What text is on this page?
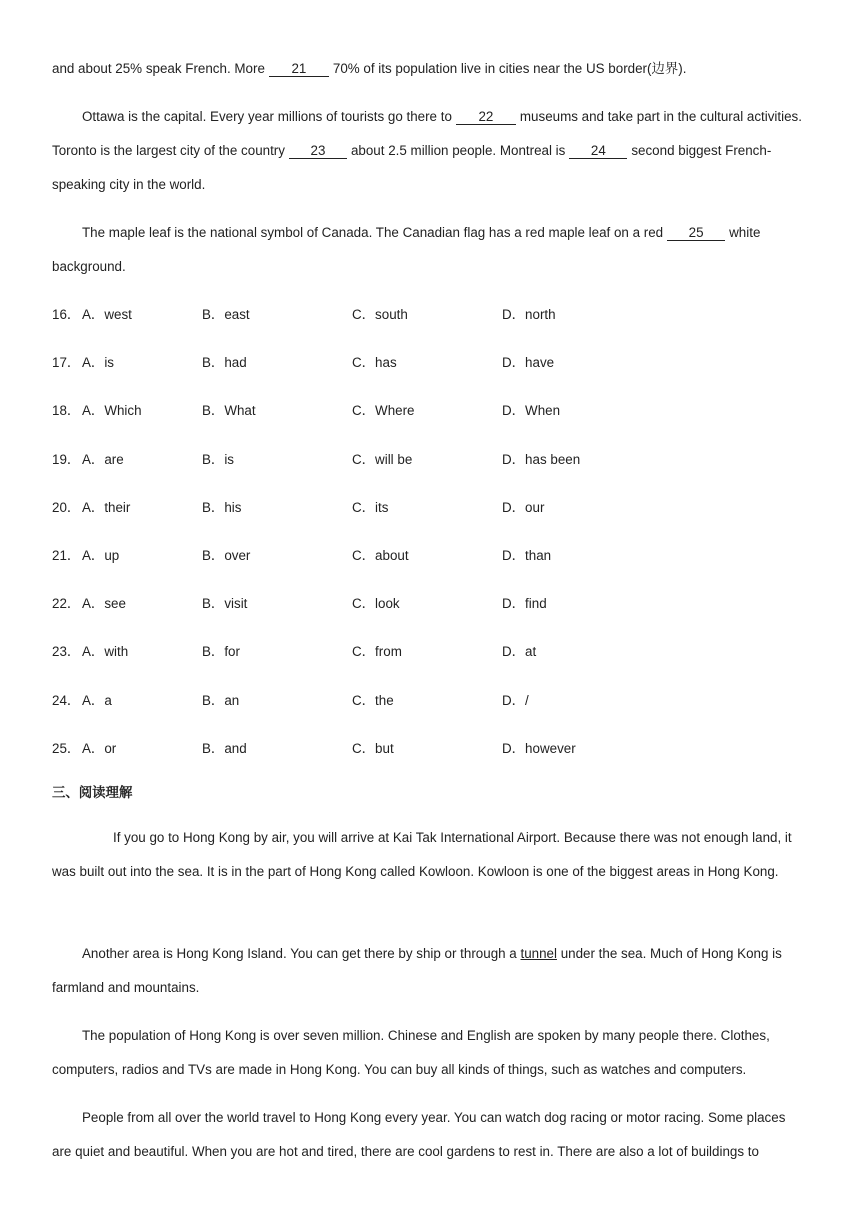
and about 25% speak French. More 21 70% of its population live in cities near the US border(边界).

Ottawa is the capital. Every year millions of tourists go there to 22 museums and take part in the cultural activities. Toronto is the largest city of the country 23 about 2.5 million people. Montreal is 24 second biggest French-speaking city in the world.

The maple leaf is the national symbol of Canada. The Canadian flag has a red maple leaf on a red 25 white background.

16． A．west	B．east	C．south	D．north
17． A．is	B．had	C．has	D．have
18． A．Which	B．What	C．Where	D．When
19． A．are	B．is	C．will be	D．has been
20． A．their	B．his	C．its	D．our
21． A．up	B．over	C．about	D．than
22． A．see	B．visit	C．look	D．find
23． A．with	B．for	C．from	D．at
24． A．a	B．an	C．the	D．/
25． A．or	B．and	C．but	D．however
三、阅读理解

If you go to Hong Kong by air, you will arrive at Kai Tak International Airport. Because there was not enough land, it was built out into the sea. It is in the part of Hong Kong called Kowloon. Kowloon is one of the biggest areas in Hong Kong.

Another area is Hong Kong Island. You can get there by ship or through a tunnel under the sea. Much of Hong Kong is farmland and mountains.

The population of Hong Kong is over seven million. Chinese and English are spoken by many people there. Clothes, computers, radios and TVs are made in Hong Kong. You can buy all kinds of things, such as watches and computers.

People from all over the world travel to Hong Kong every year. You can watch dog racing or motor racing. Some places are quiet and beautiful. When you are hot and tired, there are cool gardens to rest in. There are also a lot of buildings to
